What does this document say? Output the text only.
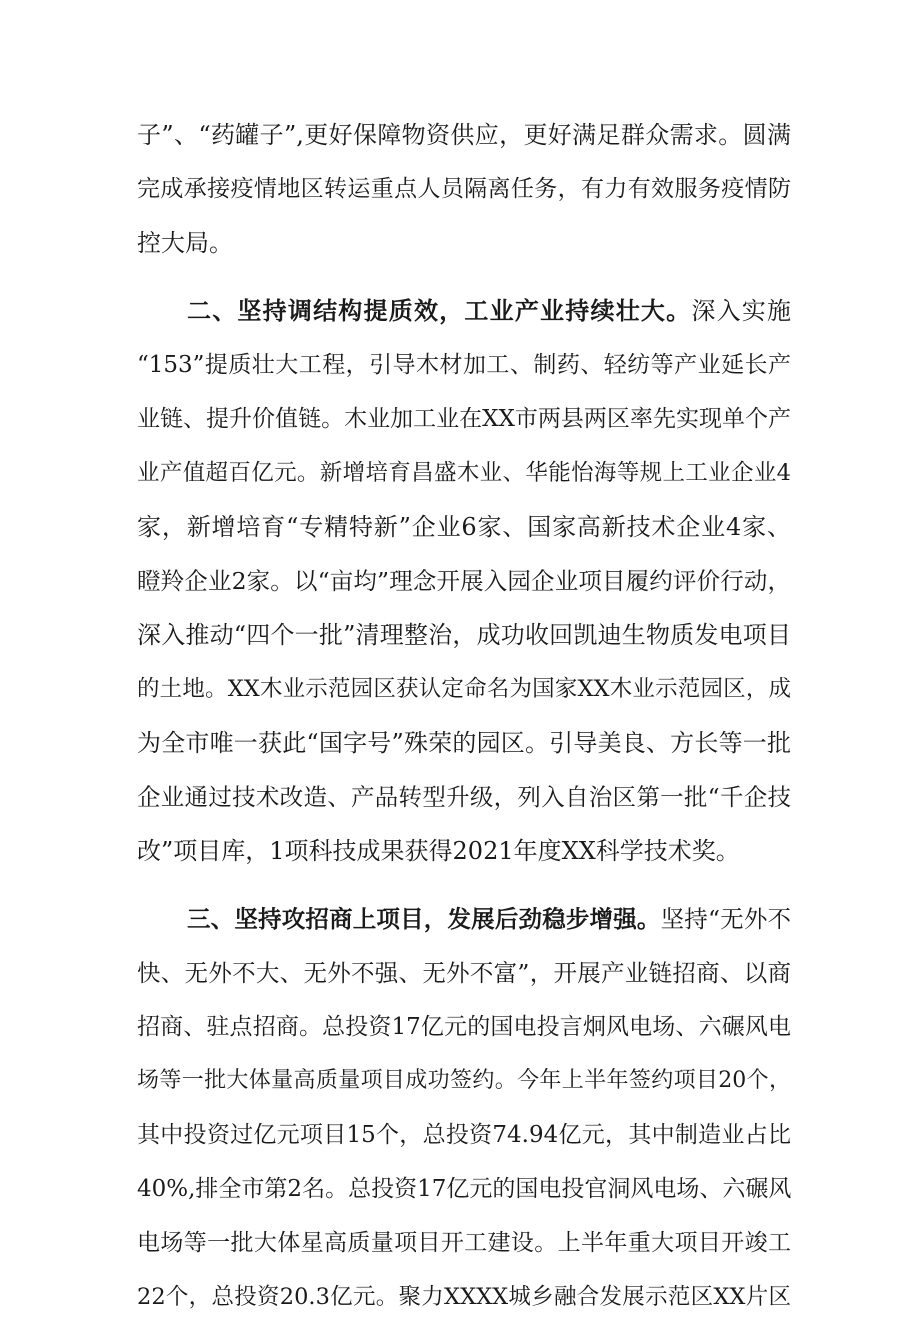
子”、“药罐子”,更好保障物资供应，更好满足群众需求。圆满
完成承接疫情地区转运重点人员隔离任务，有力有效服务疫情防
控大局。
二、坚持调结构提质效，工业产业持续壮大。深入实施
“153”提质壮大工程，引导木材加工、制药、轻纺等产业延长产
业链、提升价值链。木业加工业在XX市两县两区率先实现单个产
业产值超百亿元。新增培育昌盛木业、华能怡海等规上工业企业4
家，新增培育“专精特新”企业6家、国家高新技术企业4家、
瞪羚企业2家。以“亩均”理念开展入园企业项目履约评价行动，
深入推动“四个一批”清理整治，成功收回凯迪生物质发电项目
的土地。XX木业示范园区获认定命名为国家XX木业示范园区，成
为全市唯一获此“国字号”殊荣的园区。引导美良、方长等一批
企业通过技术改造、产品转型升级，列入自治区第一批“千企技
改”项目库，1项科技成果获得2021年度XX科学技术奖。
三、坚持攻招商上项目，发展后劲稳步增强。坚持“无外不
快、无外不大、无外不强、无外不富”，开展产业链招商、以商
招商、驻点招商。总投资17亿元的国电投言炯风电场、六碾风电
场等一批大体量高质量项目成功签约。今年上半年签约项目20个，
其中投资过亿元项目15个，总投资74.94亿元，其中制造业占比
40%,排全市第2名。总投资17亿元的国电投官洞风电场、六碾风
电场等一批大体星高质量项目开工建设。上半年重大项目开竣工
22个，总投资20.3亿元。聚力XXXX城乡融合发展示范区XX片区
